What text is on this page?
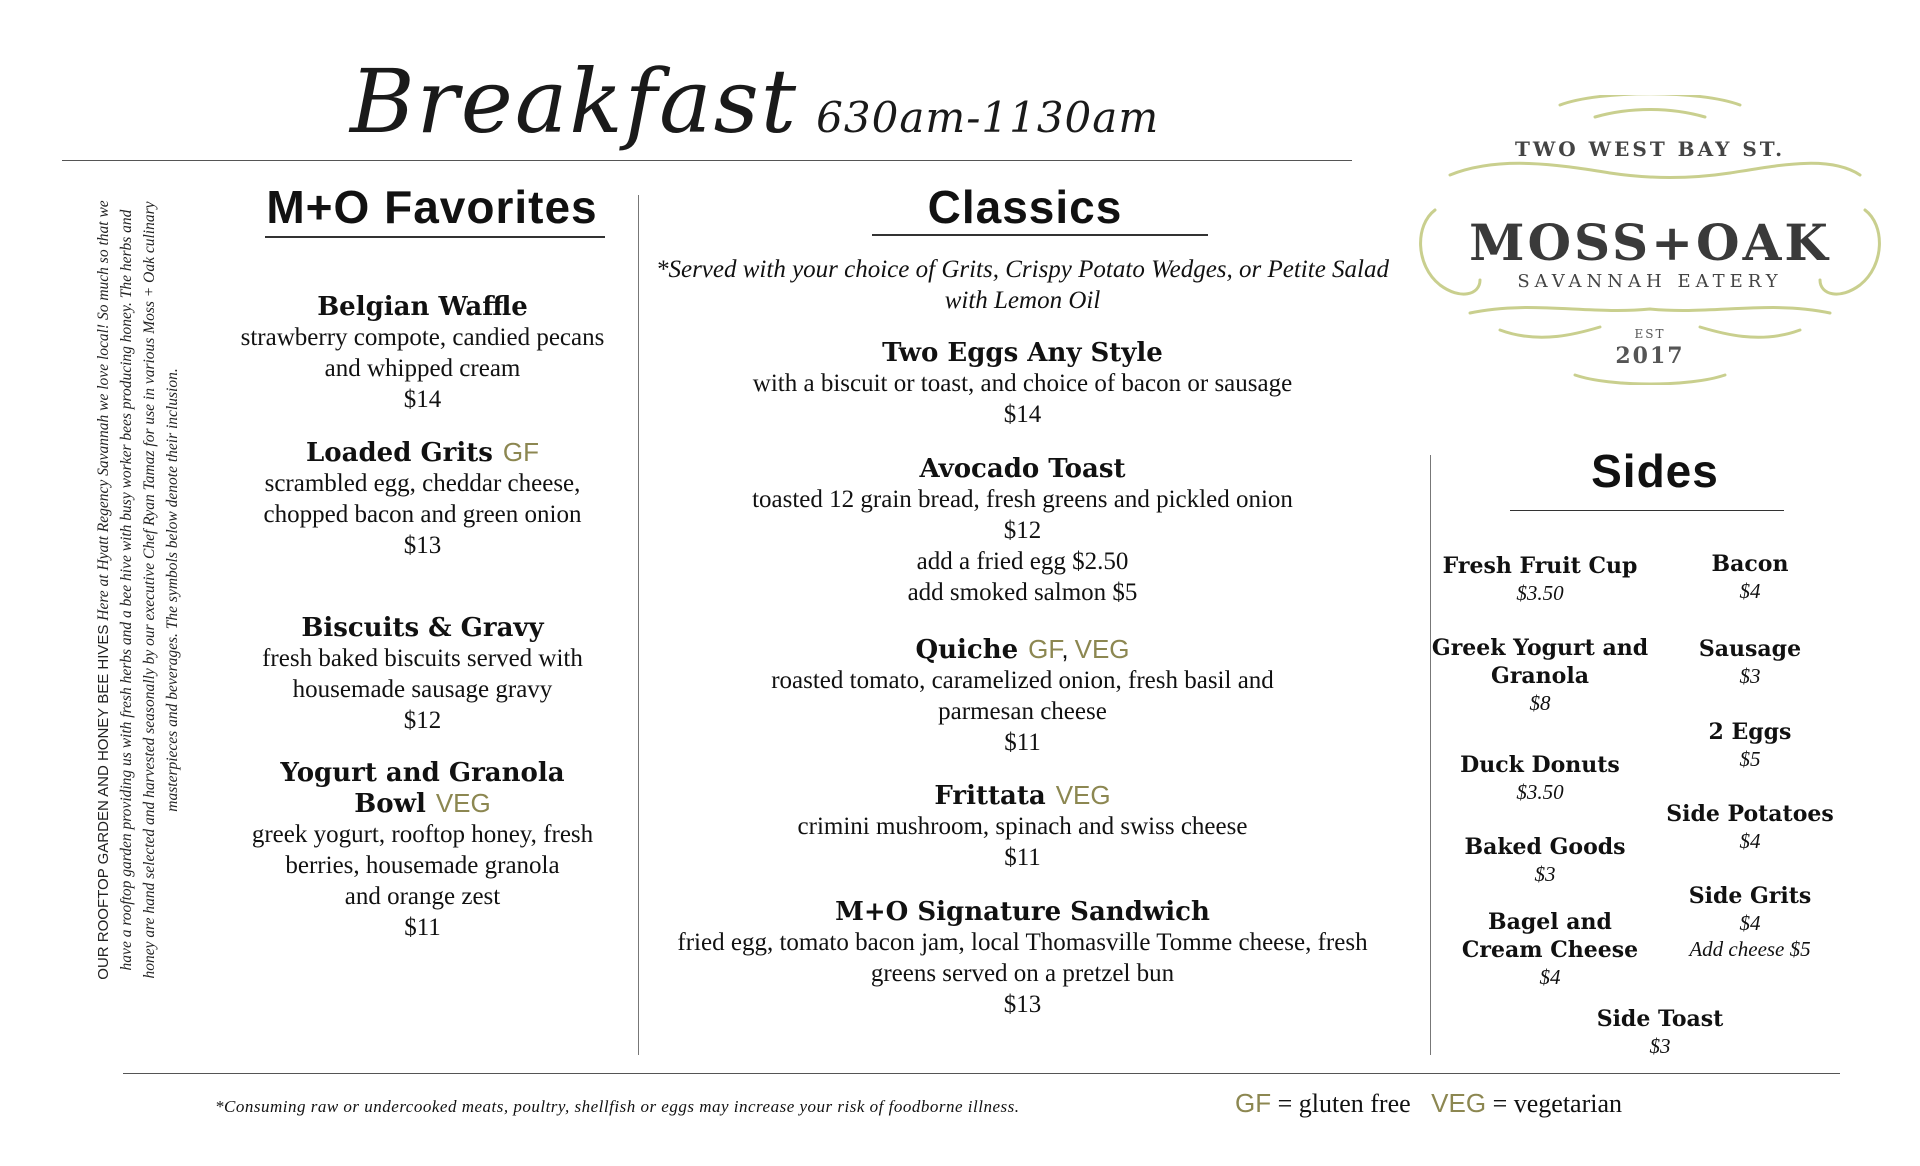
Breakfast 630am-1130am
OUR ROOFTOP GARDEN AND HONEY BEE HIVES Here at Hyatt Regency Savannah we love local! So much so that we have a rooftop garden providing us with fresh herbs and a bee hive with busy worker bees producing honey. The herbs and honey are hand selected and harvested seasonally by our executive Chef Ryan Tamaz for use in various Moss + Oak culinary masterpieces and beverages. The symbols below denote their inclusion.
M+O Favorites
Belgian Waffle
strawberry compote, candied pecans
and whipped cream
$14
Loaded Grits GF
scrambled egg, cheddar cheese,
chopped bacon and green onion
$13
Biscuits & Gravy
fresh baked biscuits served with
housemade sausage gravy
$12
Yogurt and Granola Bowl VEG
greek yogurt, rooftop honey, fresh
berries, housemade granola
and orange zest
$11
Classics
*Served with your choice of Grits, Crispy Potato Wedges, or Petite Salad with Lemon Oil
Two Eggs Any Style
with a biscuit or toast, and choice of bacon or sausage
$14
Avocado Toast
toasted 12 grain bread, fresh greens and pickled onion
$12
add a fried egg $2.50
add smoked salmon $5
Quiche GF, VEG
roasted tomato, caramelized onion, fresh basil and
parmesan cheese
$11
Frittata VEG
crimini mushroom, spinach and swiss cheese
$11
M+O Signature Sandwich
fried egg, tomato bacon jam, local Thomasville Tomme cheese, fresh
greens served on a pretzel bun
$13
TWO WEST BAY ST.
MOSS+OAK
SAVANNAH EATERY
EST
2017
Sides
Fresh Fruit Cup
$3.50
Greek Yogurt and
Granola
$8
Duck Donuts
$3.50
Baked Goods
$3
Bagel and
Cream Cheese
$4
Bacon
$4
Sausage
$3
2 Eggs
$5
Side Potatoes
$4
Side Grits
$4
Add cheese $5
Side Toast
$3
*Consuming raw or undercooked meats, poultry, shellfish or eggs may increase your risk of foodborne illness.	GF = gluten free VEG = vegetarian
